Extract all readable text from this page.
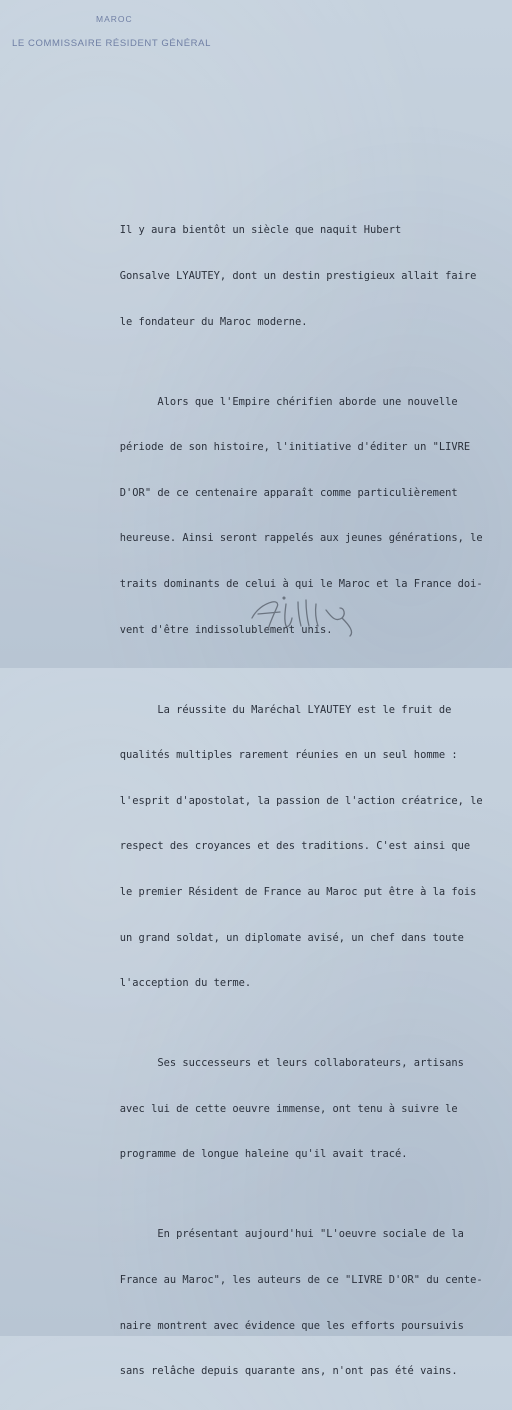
MAROC
LE COMMISSAIRE RÉSIDENT GÉNÉRAL

Il y aura bientôt un siècle que naquit Hubert

Gonsalve LYAUTEY, dont un destin prestigieux allait faire

le fondateur du Maroc moderne.

Alors que l'Empire chérifien aborde une nouvelle

période de son histoire, l'initiative d'éditer un "LIVRE

D'OR" de ce centenaire apparaît comme particulièrement

heureuse. Ainsi seront rappelés aux jeunes générations, le

traits dominants de celui à qui le Maroc et la France doi-

vent d'être indissolublement unis.

La réussite du Maréchal LYAUTEY est le fruit de

qualités multiples rarement réunies en un seul homme :

l'esprit d'apostolat, la passion de l'action créatrice, le

respect des croyances et des traditions. C'est ainsi que

le premier Résident de France au Maroc put être à la fois

un grand soldat, un diplomate avisé, un chef dans toute

l'acception du terme.

Ses successeurs et leurs collaborateurs, artisans

avec lui de cette oeuvre immense, ont tenu à suivre le

programme de longue haleine qu'il avait tracé.

En présentant aujourd'hui "L'oeuvre sociale de la

France au Maroc", les auteurs de ce "LIVRE D'OR" du cente-

naire montrent avec évidence que les efforts poursuivis

sans relâche depuis quarante ans, n'ont pas été vains.
